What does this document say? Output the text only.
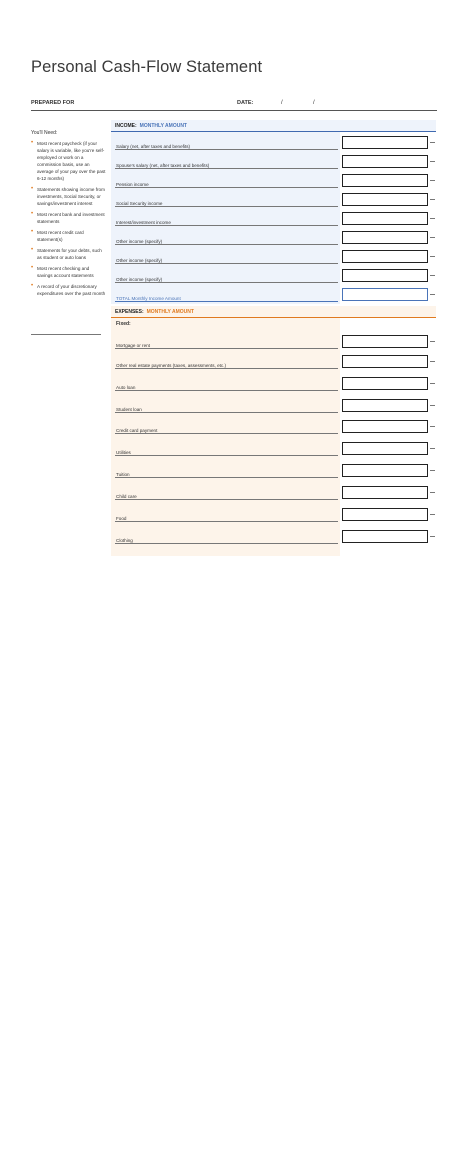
Personal Cash-Flow Statement
PREPARED FOR	DATE:	/	/
You'll Need:
• Most recent paycheck (if your salary is variable, like you're self-employed or work on a commission basis, use an average of your pay over the past 6-12 months)
• Statements showing income from investments, Social Security, or savings/investment interest
• Most recent bank and investment statements
• Most recent credit card statement(s)
• Statements for your debts, such as student or auto loans
• Most recent checking and savings account statements
• A record of your discretionary expenditures over the past month
INCOME: MONTHLY AMOUNT
Salary (net, after taxes and benefits)
Spouse's salary (net, after taxes and benefits)
Pension income
Social Security income
Interest/investment income
Other income (specify)
Other income (specify)
Other income (specify)
TOTAL Monthly Income Amount
EXPENSES: MONTHLY AMOUNT
Fixed:
Mortgage or rent
Other real estate payments (taxes, assessments, etc.)
Auto loan
Student loan
Credit card payment
Utilities
Tuition
Child care
Food
Clothing
